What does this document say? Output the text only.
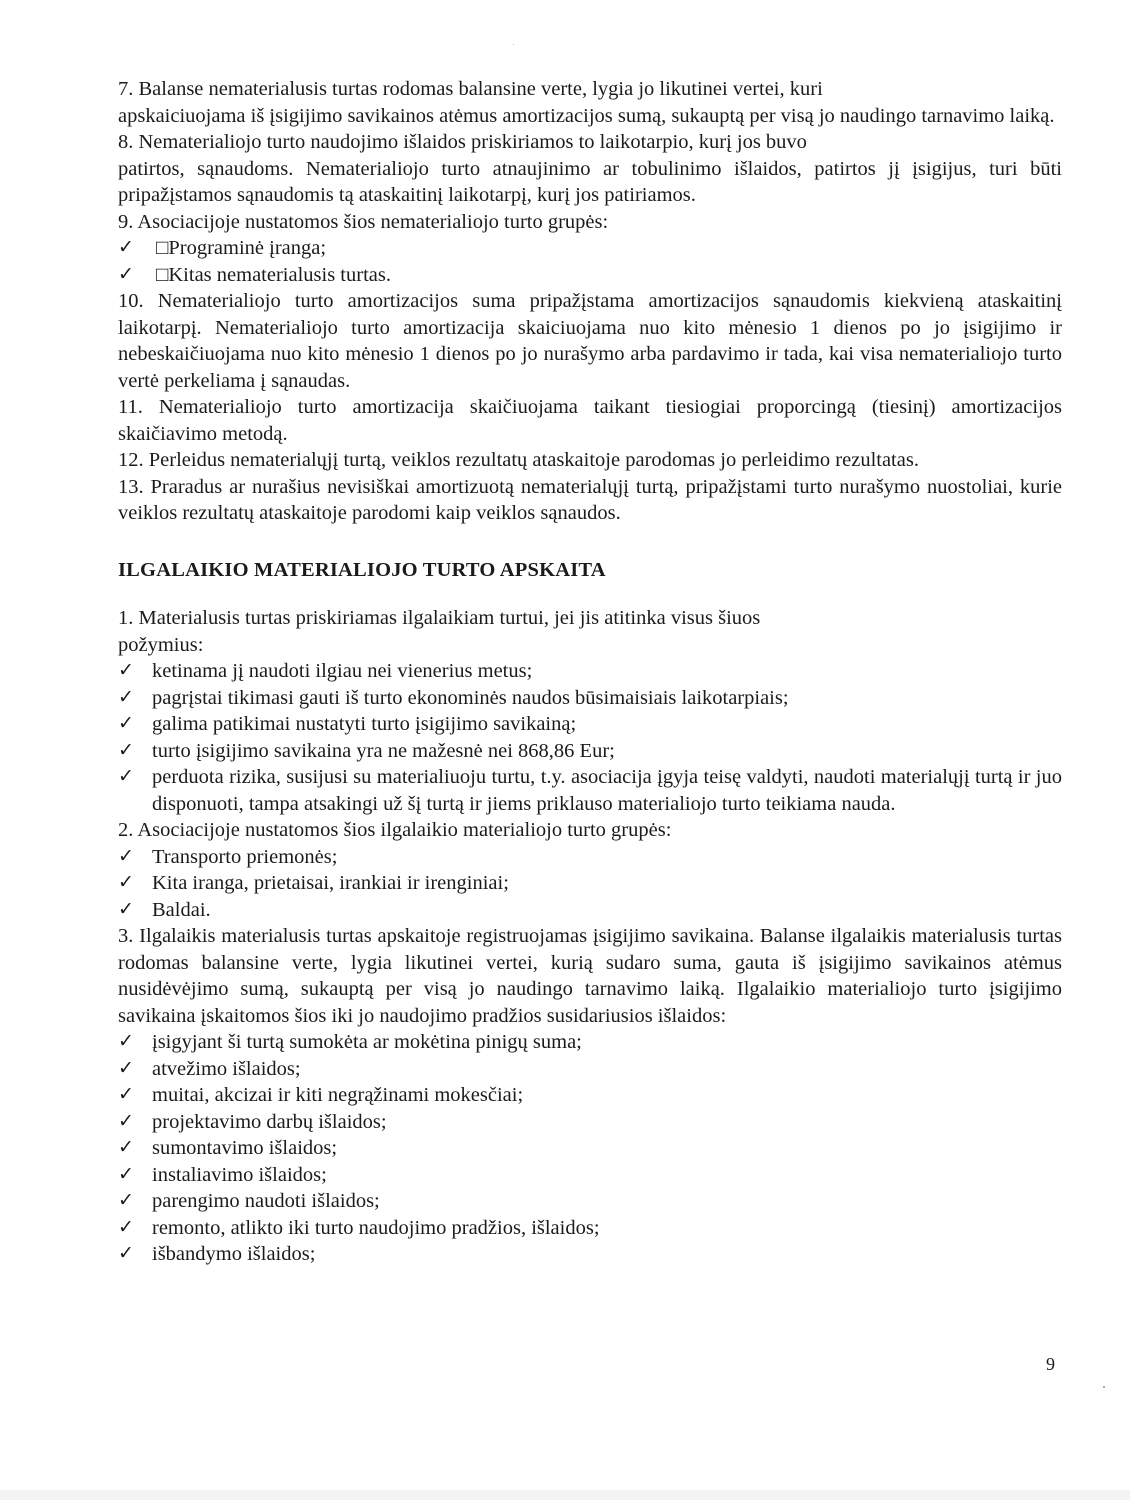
7. Balanse nematerialusis turtas rodomas balansine verte, lygia jo likutinei vertei, kuri

apskaiciuojama iš įsigijimo savikainos atėmus amortizacijos sumą, sukauptą per visą jo naudingo tarnavimo laiką.

8. Nematerialiojo turto naudojimo išlaidos priskiriamos to laikotarpio, kurį jos buvo

patirtos, sąnaudoms. Nematerialiojo turto atnaujinimo ar tobulinimo išlaidos, patirtos jį įsigijus, turi būti pripažįstamos sąnaudomis tą ataskaitinį laikotarpį, kurį jos patiriamos.

9. Asociacijoje nustatomos šios nematerialiojo turto grupės:

✓	□Programinė įranga;
✓	□Kitas nematerialusis turtas.

10. Nematerialiojo turto amortizacijos suma pripažįstama amortizacijos sąnaudomis kiekvieną ataskaitinį laikotarpį. Nematerialiojo turto amortizacija skaiciuojama nuo kito mėnesio 1 dienos po jo įsigijimo ir nebeskaičiuojama nuo kito mėnesio 1 dienos po jo nurašymo arba pardavimo ir tada, kai visa nematerialiojo turto vertė perkeliama į sąnaudas.

11. Nematerialiojo turto amortizacija skaičiuojama taikant tiesiogiai proporcingą (tiesinį) amortizacijos skaičiavimo metodą.

12. Perleidus nematerialųjį turtą, veiklos rezultatų ataskaitoje parodomas jo perleidimo rezultatas.

13. Praradus ar nurašius nevisiškai amortizuotą nematerialųjį turtą, pripažįstami turto nurašymo nuostoliai, kurie veiklos rezultatų ataskaitoje parodomi kaip veiklos sąnaudos.

ILGALAIKIO MATERIALIOJO TURTO APSKAITA

1. Materialusis turtas priskiriamas ilgalaikiam turtui, jei jis atitinka visus šiuos

požymius:

✓ ketinama jį naudoti ilgiau nei vienerius metus;
✓ pagrįstai tikimasi gauti iš turto ekonominės naudos būsimaisiais laikotarpiais;
✓ galima patikimai nustatyti turto įsigijimo savikainą;
✓ turto įsigijimo savikaina yra ne mažesnė nei 868,86 Eur;
✓ perduota rizika, susijusi su materialiuoju turtu, t.y. asociacija įgyja teisę valdyti, naudoti materialųjį turtą ir juo disponuoti, tampa atsakingi už šį turtą ir jiems priklauso materialiojo turto teikiama nauda.

2. Asociacijoje nustatomos šios ilgalaikio materialiojo turto grupės:

✓ Transporto priemonės;
✓ Kita iranga, prietaisai, irankiai ir irenginiai;
✓ Baldai.

3. Ilgalaikis materialusis turtas apskaitoje registruojamas įsigijimo savikaina. Balanse ilgalaikis materialusis turtas rodomas balansine verte, lygia likutinei vertei, kurią sudaro suma, gauta iš įsigijimo savikainos atėmus nusidėvėjimo sumą, sukauptą per visą jo naudingo tarnavimo laiką. Ilgalaikio materialiojo turto įsigijimo savikaina įskaitomos šios iki jo naudojimo pradžios susidariusios išlaidos:

✓ įsigyjant ši turtą sumokėta ar mokėtina pinigų suma;
✓ atvežimo išlaidos;
✓ muitai, akcizai ir kiti negrąžinami mokesčiai;
✓ projektavimo darbų išlaidos;
✓ sumontavimo išlaidos;
✓ instaliavimo išlaidos;
✓ parengimo naudoti išlaidos;
✓ remonto, atlikto iki turto naudojimo pradžios, išlaidos;
✓ išbandymo išlaidos;
9
